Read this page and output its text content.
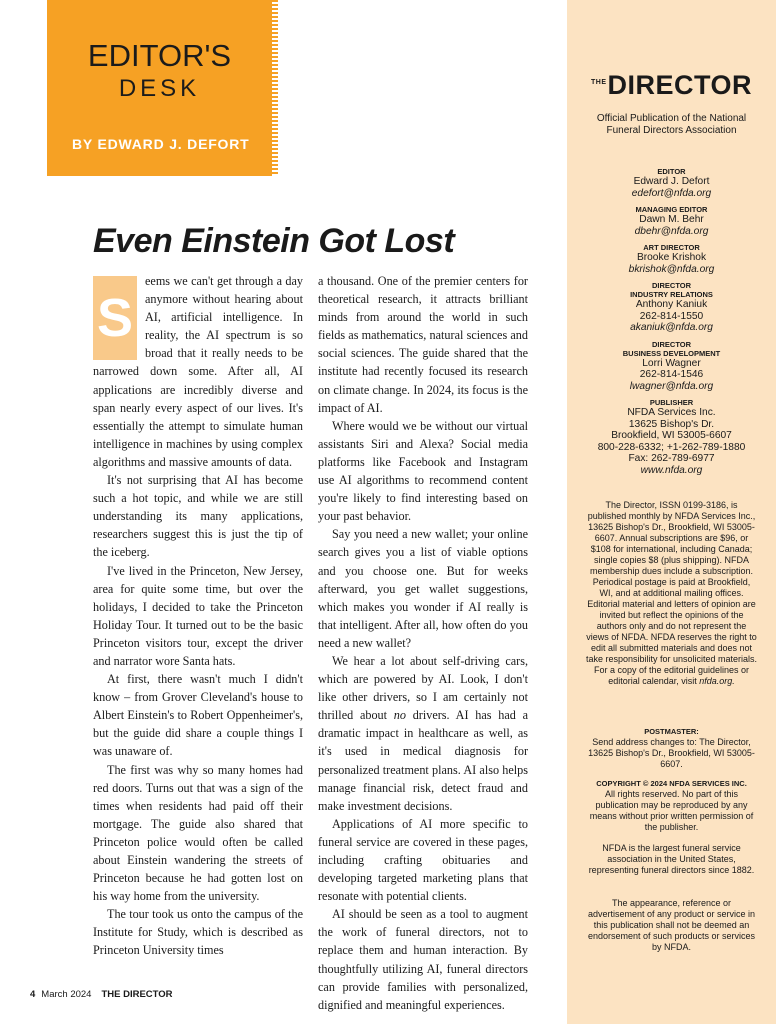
EDITOR'S
DESK
BY EDWARD J. DEFORT
Even Einstein Got Lost

S
eems we can't get through a day anymore without hearing about AI, artificial intelligence. In reality, the AI spectrum is so broad that it really needs to be narrowed down some. After all, AI applications are incredibly diverse and span nearly every aspect of our lives. It's essentially the attempt to simulate human intelligence in machines by using complex algorithms and massive amounts of data.

It's not surprising that AI has become such a hot topic, and while we are still understanding its many applications, researchers suggest this is just the tip of the iceberg.

I've lived in the Princeton, New Jersey, area for quite some time, but over the holidays, I decided to take the Princeton Holiday Tour. It turned out to be the basic Princeton visitors tour, except the driver and narrator wore Santa hats.

At first, there wasn't much I didn't know – from Grover Cleveland's house to Albert Einstein's to Robert Oppenheimer's, but the guide did share a couple things I was unaware of.

The first was why so many homes had red doors. Turns out that was a sign of the times when residents had paid off their mortgage. The guide also shared that Princeton police would often be called about Einstein wandering the streets of Princeton because he had gotten lost on his way home from the university.

The tour took us onto the campus of the Institute for Study, which is described as Princeton University times

a thousand. One of the premier centers for theoretical research, it attracts brilliant minds from around the world in such fields as mathematics, natural sciences and social sciences. The guide shared that the institute had recently focused its research on climate change. In 2024, its focus is the impact of AI.

Where would we be without our virtual assistants Siri and Alexa? Social media platforms like Facebook and Instagram use AI algorithms to recommend content you're likely to find interesting based on your past behavior.

Say you need a new wallet; your online search gives you a list of viable options and you choose one. But for weeks afterward, you get wallet suggestions, which makes you wonder if AI really is that intelligent. After all, how often do you need a new wallet?

We hear a lot about self-driving cars, which are powered by AI. Look, I don't like other drivers, so I am certainly not thrilled about no drivers. AI has had a dramatic impact in healthcare as well, as it's used in medical diagnosis for personalized treatment plans. AI also helps manage financial risk, detect fraud and make investment decisions.

Applications of AI more specific to funeral service are covered in these pages, including crafting obituaries and developing targeted marketing plans that resonate with potential clients.

AI should be seen as a tool to augment the work of funeral directors, not to replace them and human interaction. By thoughtfully utilizing AI, funeral directors can provide families with personalized, dignified and meaningful experiences.

4 March 2024 THE DIRECTOR
$^{THE}$DIRECTOR
Official Publication of the National Funeral Directors Association
EDITOR
Edward J. Defort
edefort@nfda.org
MANAGING EDITOR
Dawn M. Behr
dbehr@nfda.org
ART DIRECTOR
Brooke Krishok
bkrishok@nfda.org
DIRECTOR
INDUSTRY RELATIONS
Anthony Kaniuk
262-814-1550
akaniuk@nfda.org
DIRECTOR
BUSINESS DEVELOPMENT
Lorri Wagner
262-814-1546
lwagner@nfda.org
PUBLISHER
NFDA Services Inc.
13625 Bishop's Dr.
Brookfield, WI 53005-6607
800-228-6332; +1-262-789-1880
Fax: 262-789-6977
www.nfda.org
The Director, ISSN 0199-3186, is published monthly by NFDA Services Inc., 13625 Bishop's Dr., Brookfield, WI 53005-6607. Annual subscriptions are $96, or $108 for international, including Canada; single copies $8 (plus shipping). NFDA membership dues include a subscription. Periodical postage is paid at Brookfield, WI, and at additional mailing offices. Editorial material and letters of opinion are invited but reflect the opinions of the authors only and do not represent the views of NFDA. NFDA reserves the right to edit all submitted materials and does not take responsibility for unsolicited materials. For a copy of the editorial guidelines or editorial calendar, visit nfda.org.
POSTMASTER:
Send address changes to: The Director, 13625 Bishop's Dr., Brookfield, WI 53005-6607.
COPYRIGHT © 2024 NFDA SERVICES INC.
All rights reserved. No part of this publication may be reproduced by any means without prior written permission of the publisher.
NFDA is the largest funeral service association in the United States, representing funeral directors since 1882.
The appearance, reference or advertisement of any product or service in this publication shall not be deemed an endorsement of such products or services by NFDA.
